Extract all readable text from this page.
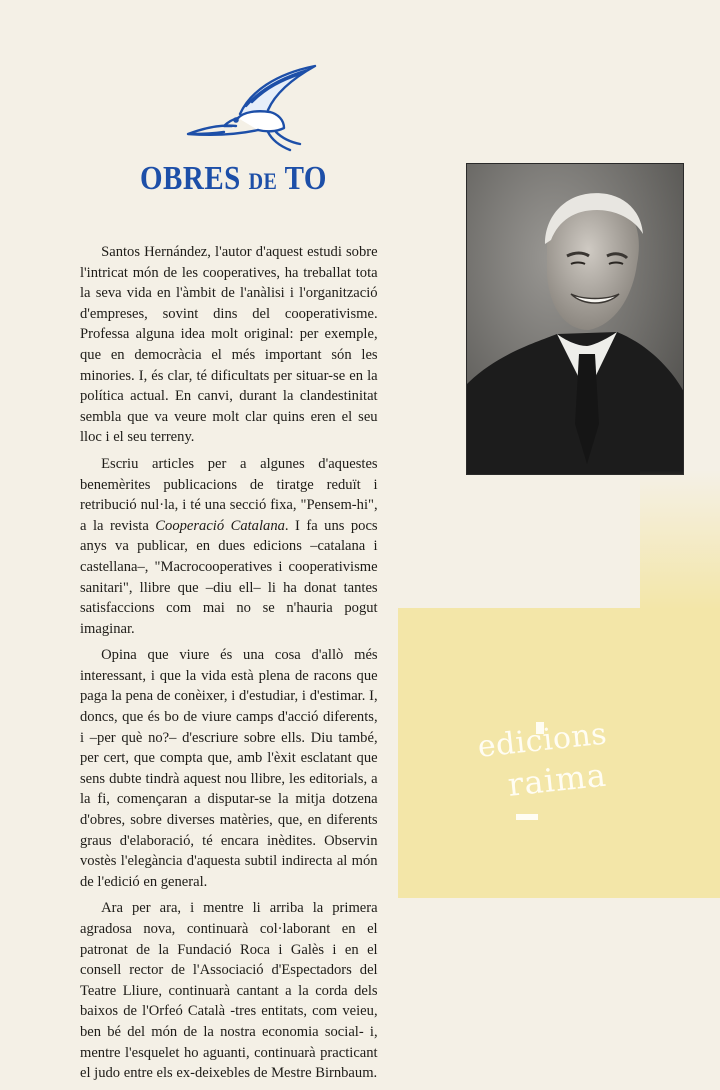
OBRES DE TO
edicions
raima

Santos Hernández, l'autor d'aquest estudi sobre l'intricat món de les cooperatives, ha treballat tota la seva vida en l'àmbit de l'anàlisi i l'organització d'empreses, sovint dins del cooperativisme. Professa alguna idea molt original: per exemple, que en democràcia el més important són les minories. I, és clar, té dificultats per situar-se en la política actual. En canvi, durant la clandestinitat sembla que va veure molt clar quins eren el seu lloc i el seu terreny.

Escriu articles per a algunes d'aquestes benemèrites publicacions de tiratge reduït i retribució nul·la, i té una secció fixa, "Pensem-hi", a la revista Cooperació Catalana. I fa uns pocs anys va publicar, en dues edicions –catalana i castellana–, "Macrocooperatives i cooperativisme sanitari", llibre que –diu ell– li ha donat tantes satisfaccions com mai no se n'hauria pogut imaginar.

Opina que viure és una cosa d'allò més interessant, i que la vida està plena de racons que paga la pena de conèixer, i d'estudiar, i d'estimar. I, doncs, que és bo de viure camps d'acció diferents, i –per què no?– d'escriure sobre ells. Diu també, per cert, que compta que, amb l'èxit esclatant que sens dubte tindrà aquest nou llibre, les editorials, a la fi, començaran a disputar-se la mitja dotzena d'obres, sobre diverses matèries, que, en diferents graus d'elaboració, té encara inèdites. Observin vostès l'elegància d'aquesta subtil indirecta al món de l'edició en general.

Ara per ara, i mentre li arriba la primera agradosa nova, continuarà col·laborant en el patronat de la Fundació Roca i Galès i en el consell rector de l'Associació d'Espectadors del Teatre Lliure, continuarà cantant a la corda dels baixos de l'Orfeó Català -tres entitats, com veieu, ben bé del món de la nostra economia social- i, mentre l'esquelet ho aguanti, continuarà practicant el judo entre els ex-deixebles de Mestre Birnbaum.
